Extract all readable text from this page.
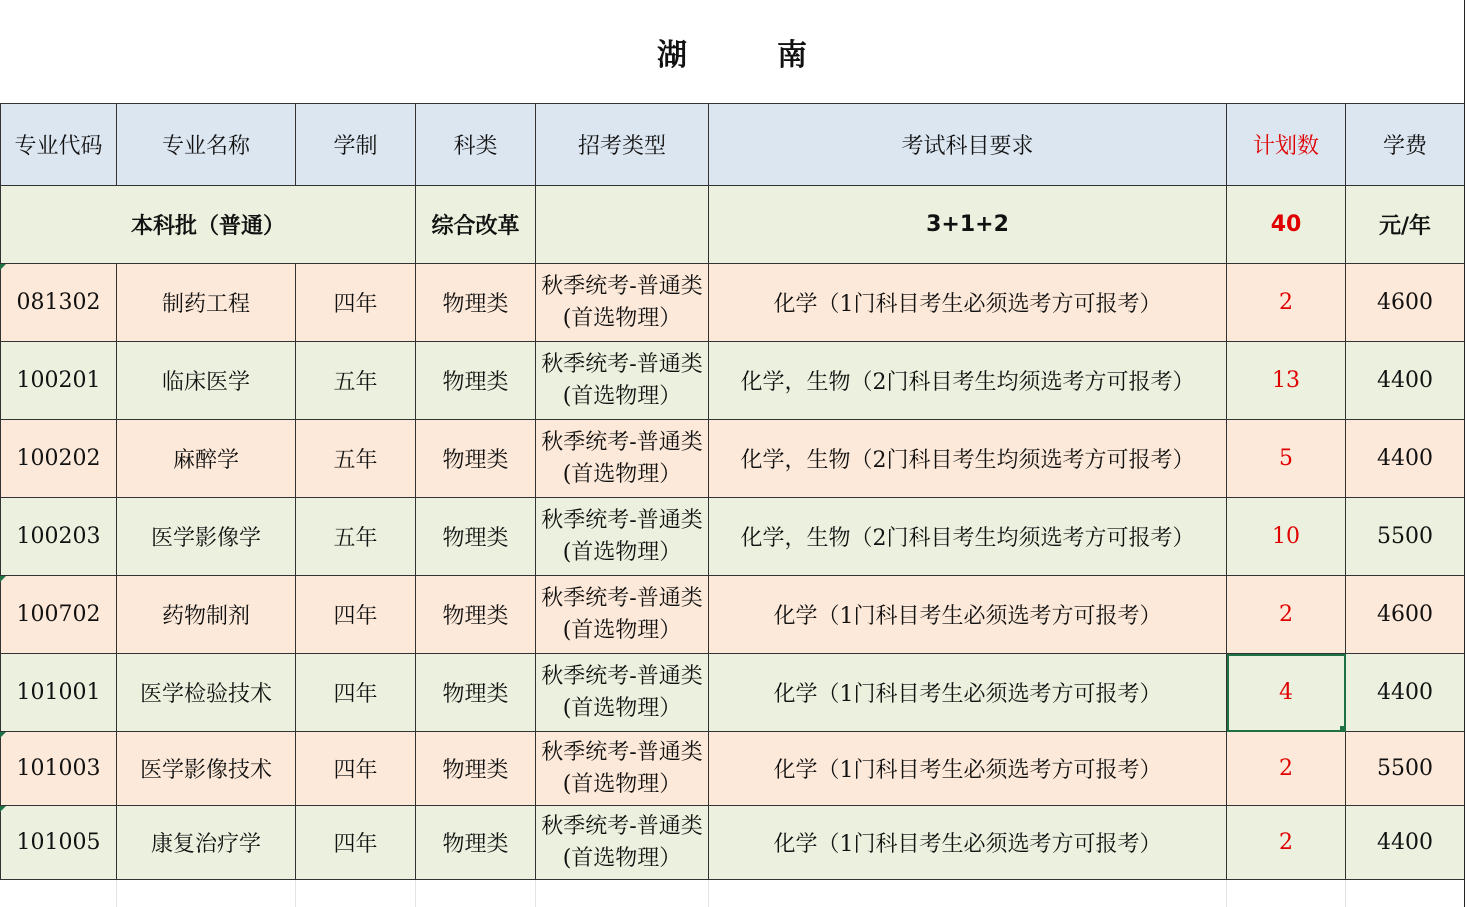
湖南
专业代码	专业名称	学制	科类	招考类型	考试科目要求	计划数	学费
本科批（普通）			综合改革		3+1+2	40	元/年
081302	制药工程	四年	物理类	秋季统考-普通类(首选物理）	化学（1门科目考生必须选考方可报考）	2	4600
100201	临床医学	五年	物理类	秋季统考-普通类(首选物理）	化学，生物（2门科目考生均须选考方可报考）	13	4400
100202	麻醉学	五年	物理类	秋季统考-普通类(首选物理）	化学，生物（2门科目考生均须选考方可报考）	5	4400
100203	医学影像学	五年	物理类	秋季统考-普通类(首选物理）	化学，生物（2门科目考生均须选考方可报考）	10	5500
100702	药物制剂	四年	物理类	秋季统考-普通类(首选物理）	化学（1门科目考生必须选考方可报考）	2	4600
101001	医学检验技术	四年	物理类	秋季统考-普通类(首选物理）	化学（1门科目考生必须选考方可报考）	4	4400
101003	医学影像技术	四年	物理类	秋季统考-普通类(首选物理）	化学（1门科目考生必须选考方可报考）	2	5500
101005	康复治疗学	四年	物理类	秋季统考-普通类(首选物理）	化学（1门科目考生必须选考方可报考）	2	4400
